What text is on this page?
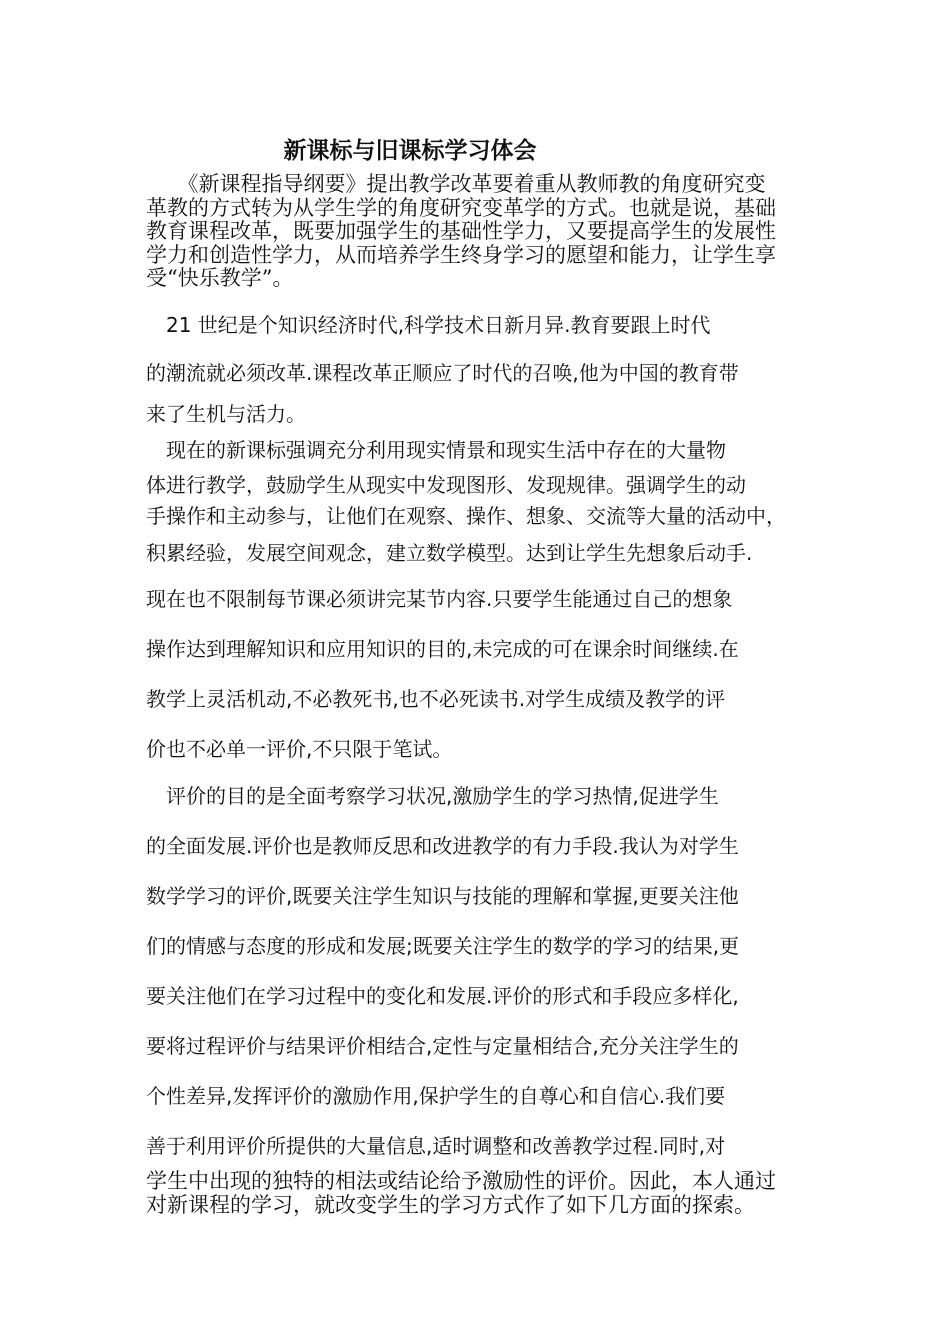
新课标与旧课标学习体会

　　《新课程指导纲要》提出教学改革要着重从教师教的角度研究变

革教的方式转为从学生学的角度研究变革学的方式。也就是说，基础

教育课程改革，既要加强学生的基础性学力，又要提高学生的发展性

学力和创造性学力，从而培养学生终身学习的愿望和能力，让学生享

受“快乐教学”。

　21 世纪是个知识经济时代,科学技术日新月异.教育要跟上时代

的潮流就必须改革.课程改革正顺应了时代的召唤,他为中国的教育带

来了生机与活力。

　现在的新课标强调充分利用现实情景和现实生活中存在的大量物

体进行教学，鼓励学生从现实中发现图形、发现规律。强调学生的动

手操作和主动参与，让他们在观察、操作、想象、交流等大量的活动中，

积累经验，发展空间观念，建立数学模型。达到让学生先想象后动手.

现在也不限制每节课必须讲完某节内容.只要学生能通过自己的想象

操作达到理解知识和应用知识的目的,未完成的可在课余时间继续.在

教学上灵活机动,不必教死书,也不必死读书.对学生成绩及教学的评

价也不必单一评价,不只限于笔试。

　评价的目的是全面考察学习状况,激励学生的学习热情,促进学生

的全面发展.评价也是教师反思和改进教学的有力手段.我认为对学生

数学学习的评价,既要关注学生知识与技能的理解和掌握,更要关注他

们的情感与态度的形成和发展;既要关注学生的数学的学习的结果,更

要关注他们在学习过程中的变化和发展.评价的形式和手段应多样化,

要将过程评价与结果评价相结合,定性与定量相结合,充分关注学生的

个性差异,发挥评价的激励作用,保护学生的自尊心和自信心.我们要

善于利用评价所提供的大量信息,适时调整和改善教学过程.同时,对

学生中出现的独特的相法或结论给予激励性的评价。因此，本人通过

对新课程的学习，就改变学生的学习方式作了如下几方面的探索。
